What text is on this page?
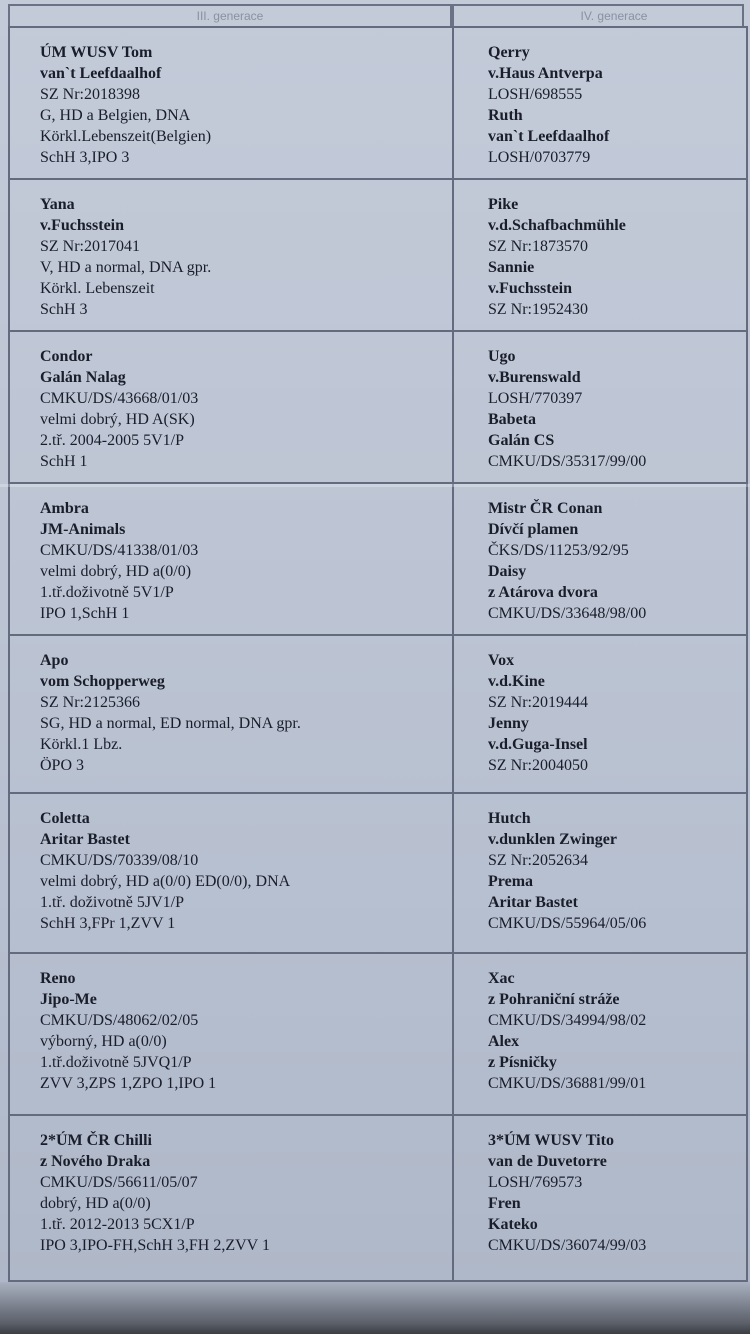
III. generace	IV. generace
ÚM WUSV Tom
van`t Leefdaalhof
SZ Nr:2018398
G, HD a Belgien, DNA
Körkl.Lebenszeit(Belgien)
SchH 3,IPO 3
Qerry
v.Haus Antverpa
LOSH/698555
Ruth
van`t Leefdaalhof
LOSH/0703779
Yana
v.Fuchsstein
SZ Nr:2017041
V, HD a normal, DNA gpr.
Körkl. Lebenszeit
SchH 3
Pike
v.d.Schafbachmühle
SZ Nr:1873570
Sannie
v.Fuchsstein
SZ Nr:1952430
Condor
Galán Nalag
CMKU/DS/43668/01/03
velmi dobrý, HD A(SK)
2.tř. 2004-2005 5V1/P
SchH 1
Ugo
v.Burenswald
LOSH/770397
Babeta
Galán CS
CMKU/DS/35317/99/00
Ambra
JM-Animals
CMKU/DS/41338/01/03
velmi dobrý, HD a(0/0)
1.tř.doživotně 5V1/P
IPO 1,SchH 1
Mistr ČR Conan
Dívčí plamen
ČKS/DS/11253/92/95
Daisy
z Atárova dvora
CMKU/DS/33648/98/00
Apo
vom Schopperweg
SZ Nr:2125366
SG, HD a normal, ED normal, DNA gpr.
Körkl.1 Lbz.
ÖPO 3
Vox
v.d.Kine
SZ Nr:2019444
Jenny
v.d.Guga-Insel
SZ Nr:2004050
Coletta
Aritar Bastet
CMKU/DS/70339/08/10
velmi dobrý, HD a(0/0) ED(0/0), DNA
1.tř. doživotně 5JV1/P
SchH 3,FPr 1,ZVV 1
Hutch
v.dunklen Zwinger
SZ Nr:2052634
Prema
Aritar Bastet
CMKU/DS/55964/05/06
Reno
Jipo-Me
CMKU/DS/48062/02/05
výborný, HD a(0/0)
1.tř.doživotně 5JVQ1/P
ZVV 3,ZPS 1,ZPO 1,IPO 1
Xac
z Pohraniční stráže
CMKU/DS/34994/98/02
Alex
z Písničky
CMKU/DS/36881/99/01
2*ÚM ČR Chilli
z Nového Draka
CMKU/DS/56611/05/07
dobrý, HD a(0/0)
1.tř. 2012-2013 5CX1/P
IPO 3,IPO-FH,SchH 3,FH 2,ZVV 1
3*ÚM WUSV Tito
van de Duvetorre
LOSH/769573
Fren
Kateko
CMKU/DS/36074/99/03
